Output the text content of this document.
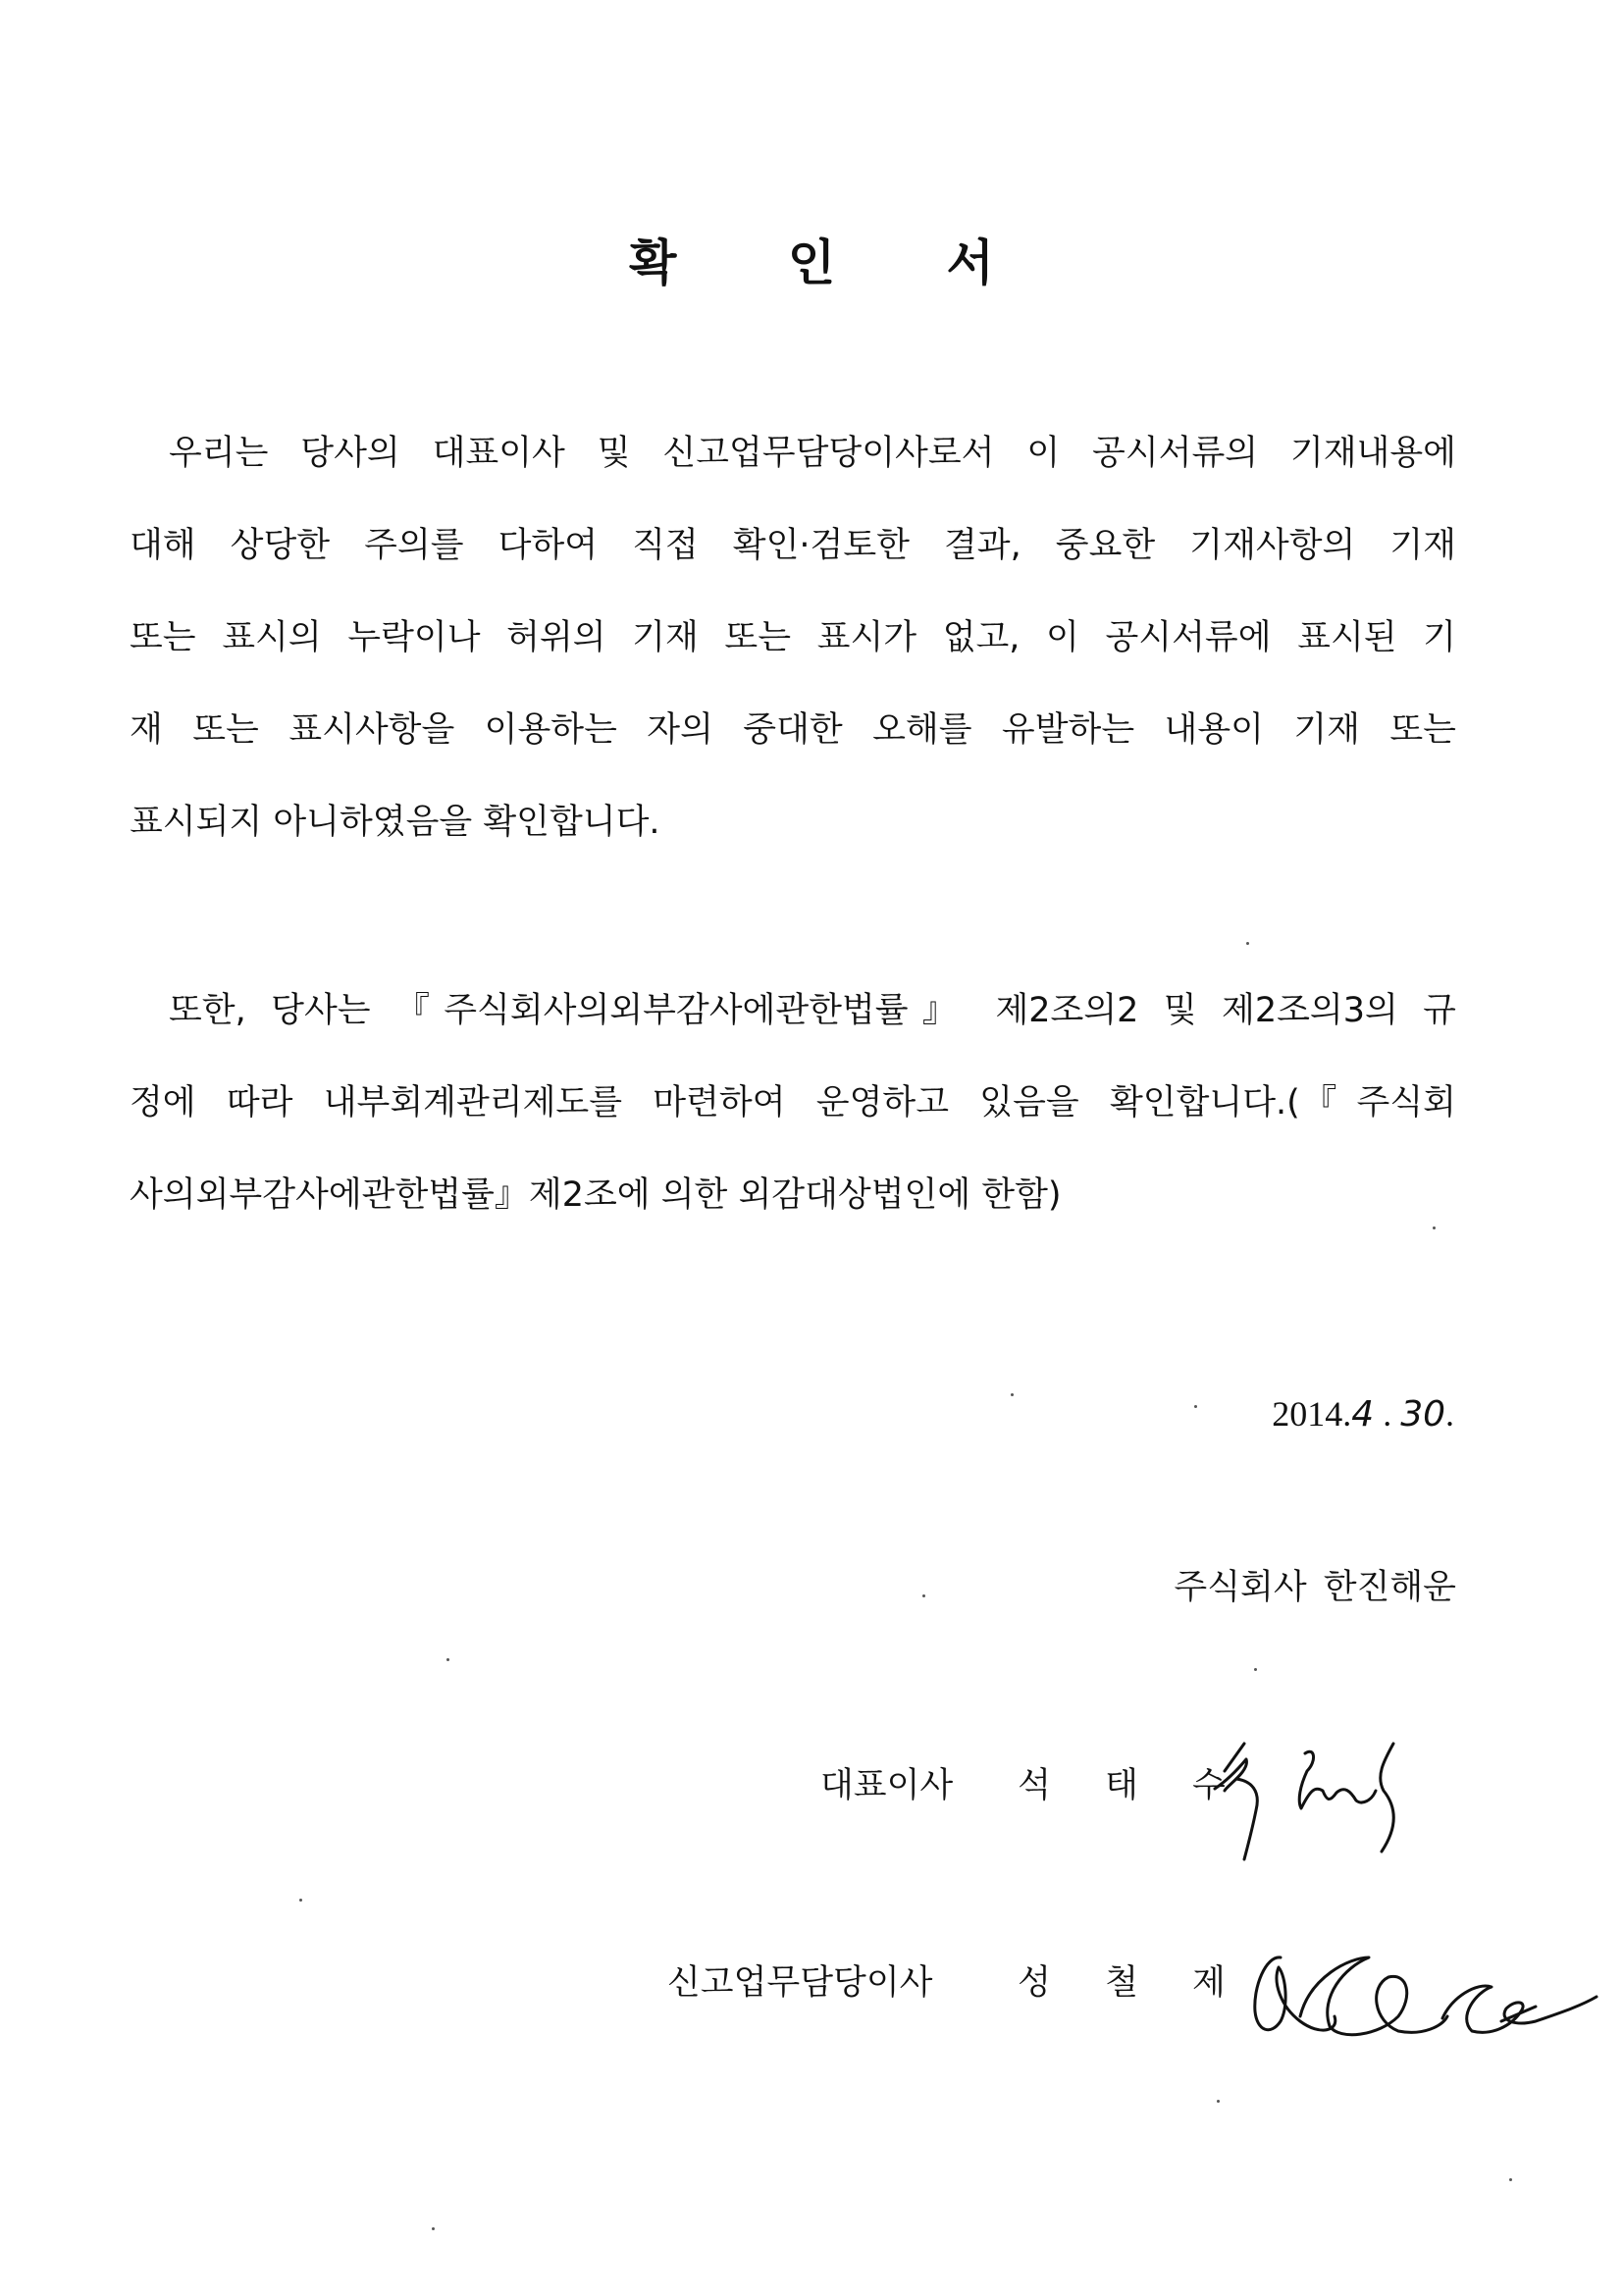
확 인 서
우리는 당사의 대표이사 및 신고업무담당이사로서 이 공시서류의 기재내용에
대해 상당한 주의를 다하여 직접 확인·검토한 결과, 중요한 기재사항의 기재
또는 표시의 누락이나 허위의 기재 또는 표시가 없고, 이 공시서류에 표시된 기
재 또는 표시사항을 이용하는 자의 중대한 오해를 유발하는 내용이 기재 또는
표시되지 아니하였음을 확인합니다.
또한, 당사는 『주식회사의외부감사에관한법률』 제2조의2 및 제2조의3의 규
정에 따라 내부회계관리제도를 마련하여 운영하고 있음을 확인합니다.(『주식회
사의외부감사에관한법률』제2조에 의한 외감대상법인에 한함)
2014.4 . 30.
주식회사 한진해운
대표이사 석 태 수
신고업무담당이사 성 철 제
